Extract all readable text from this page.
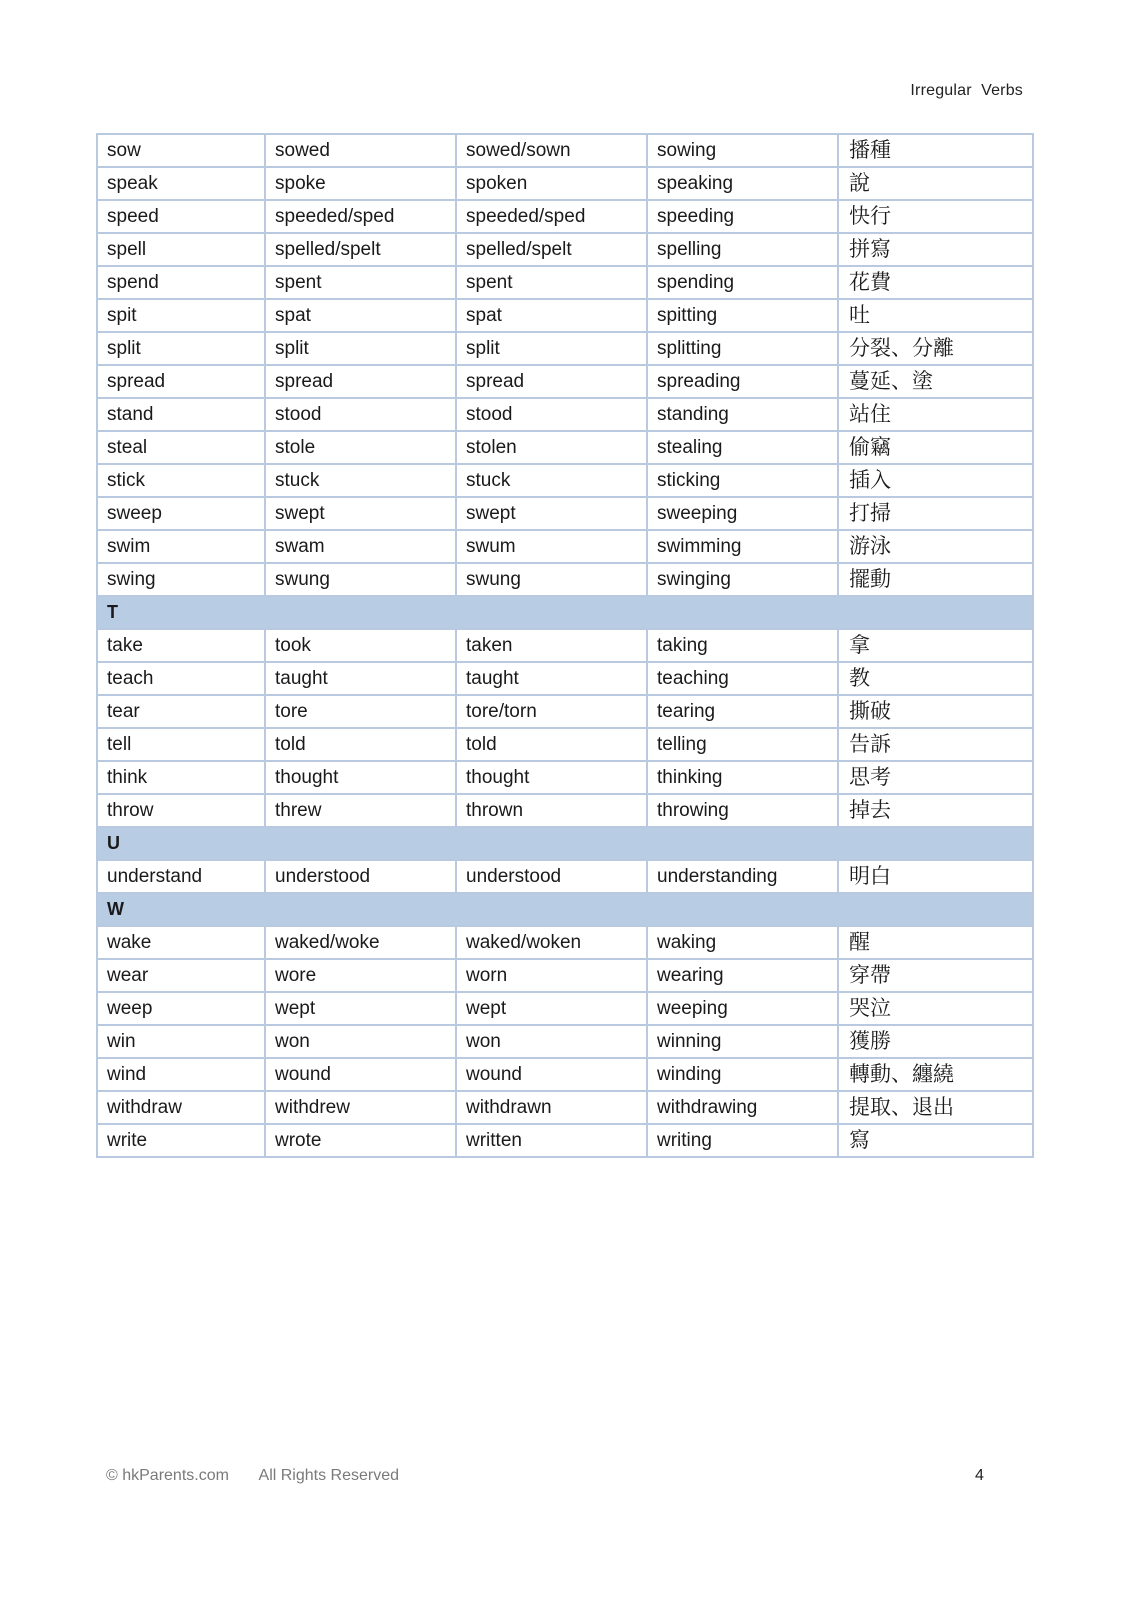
Irregular  Verbs
sow	sowed	sowed/sown	sowing	播種
speak	spoke	spoken	speaking	說
speed	speeded/sped	speeded/sped	speeding	快行
spell	spelled/spelt	spelled/spelt	spelling	拼寫
spend	spent	spent	spending	花費
spit	spat	spat	spitting	吐
split	split	split	splitting	分裂、分離
spread	spread	spread	spreading	蔓延、塗
stand	stood	stood	standing	站住
steal	stole	stolen	stealing	偷竊
stick	stuck	stuck	sticking	插入
sweep	swept	swept	sweeping	打掃
swim	swam	swum	swimming	游泳
swing	swung	swung	swinging	擺動
T				
take	took	taken	taking	拿
teach	taught	taught	teaching	教
tear	tore	tore/torn	tearing	撕破
tell	told	told	telling	告訴
think	thought	thought	thinking	思考
throw	threw	thrown	throwing	掉去
U				
understand	understood	understood	understanding	明白
W				
wake	waked/woke	waked/woken	waking	醒
wear	wore	worn	wearing	穿帶
weep	wept	wept	weeping	哭泣
win	won	won	winning	獲勝
wind	wound	wound	winding	轉動、纏繞
withdraw	withdrew	withdrawn	withdrawing	提取、退出
write	wrote	written	writing	寫
© hkParents.com All Rights Reserved	4
